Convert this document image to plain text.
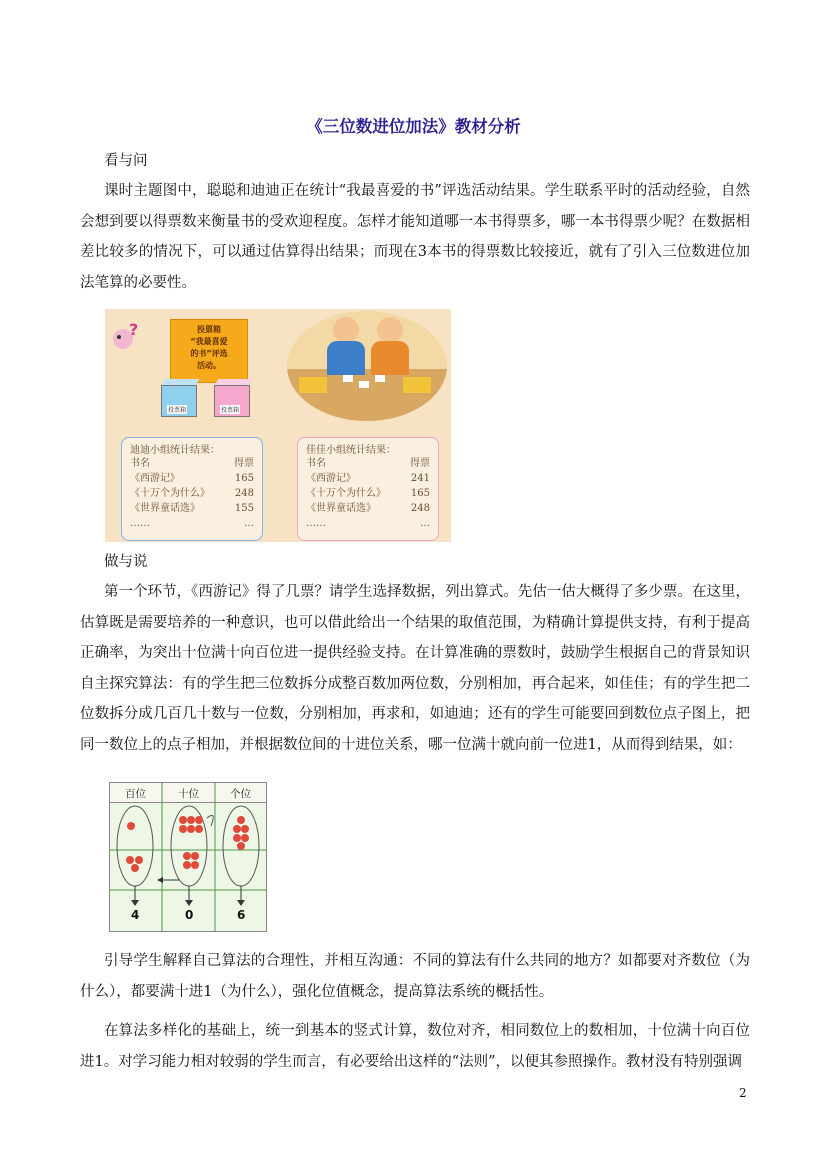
《三位数进位加法》教材分析
看与问
课时主题图中，聪聪和迪迪正在统计“我最喜爱的书”评选活动结果。学生联系平时的活动经验，自然会想到要以得票数来衡量书的受欢迎程度。怎样才能知道哪一本书得票多，哪一本书得票少呢？在数据相差比较多的情况下，可以通过估算得出结果；而现在3本书的得票数比较接近，就有了引入三位数进位加法笔算的必要性。
?	投票箱
“我最喜爱
的书”评选
活动。
投票箱	投票箱
迪迪小组统计结果：
书名	得票
《西游记》	165
《十万个为什么》 248
《世界童话选》	155
……	…
佳佳小组统计结果：
书名	得票
《西游记》	241
《十万个为什么》 165
《世界童话选》	248
……	…
做与说
第一个环节，《西游记》得了几票？请学生选择数据，列出算式。先估一估大概得了多少票。在这里，估算既是需要培养的一种意识，也可以借此给出一个结果的取值范围，为精确计算提供支持，有利于提高正确率，为突出十位满十向百位进一提供经验支持。在计算准确的票数时，鼓励学生根据自己的背景知识自主探究算法：有的学生把三位数拆分成整百数加两位数，分别相加，再合起来，如佳佳；有的学生把二位数拆分成几百几十数与一位数，分别相加，再求和，如迪迪；还有的学生可能要回到数位点子图上，把同一数位上的点子相加，并根据数位间的十进位关系，哪一位满十就向前一位进1，从而得到结果，如：
百位	十位	个位
4	0	6
引导学生解释自己算法的合理性，并相互沟通：不同的算法有什么共同的地方？如都要对齐数位（为什么），都要满十进1（为什么），强化位值概念，提高算法系统的概括性。
在算法多样化的基础上，统一到基本的竖式计算，数位对齐，相同数位上的数相加，十位满十向百位进1。对学习能力相对较弱的学生而言，有必要给出这样的“法则”，以便其参照操作。教材没有特别强调
2
